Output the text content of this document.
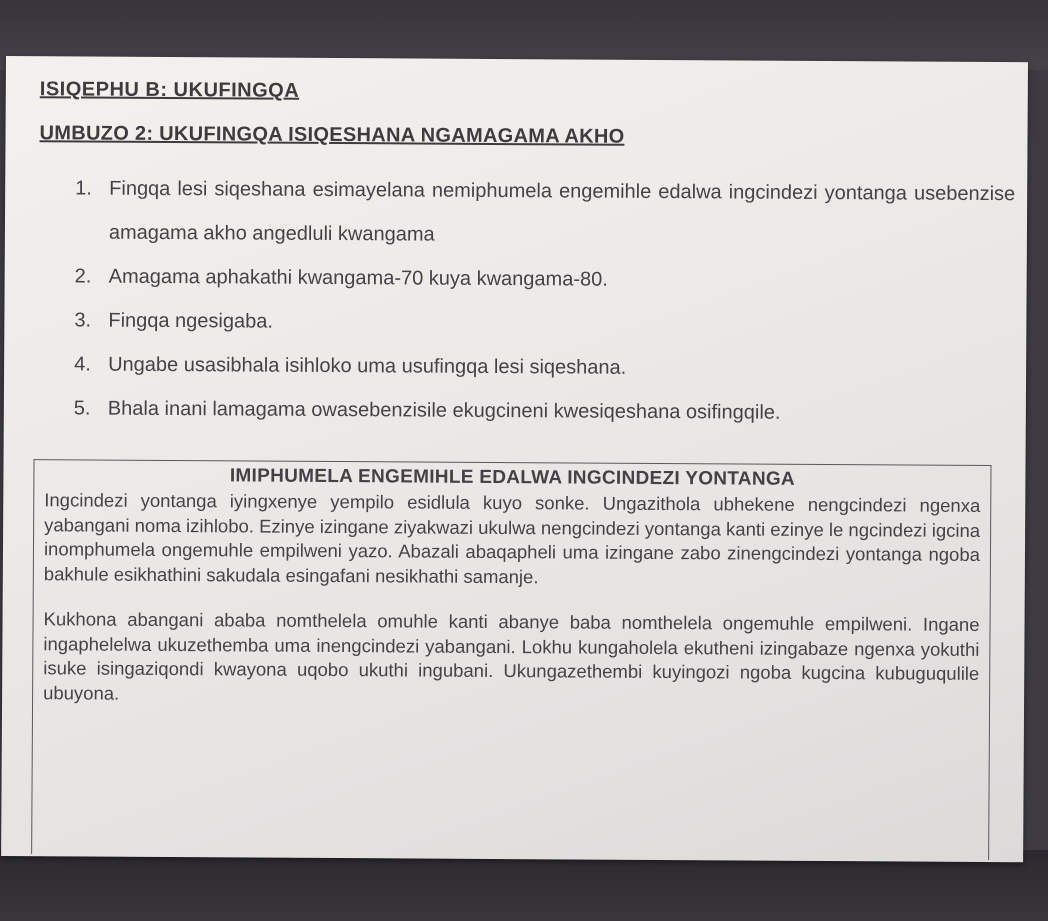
ISIQEPHU B: UKUFINGQA
UMBUZO 2: UKUFINGQA ISIQESHANA NGAMAGAMA AKHO
1. Fingqa lesi siqeshana esimayelana nemiphumela engemihle edalwa ingcindezi yontanga usebenzise amagama akho angedluli kwangama
2. Amagama aphakathi kwangama-70 kuya kwangama-80.
3. Fingqa ngesigaba.
4. Ungabe usasibhala isihloko uma usufingqa lesi siqeshana.
5. Bhala inani lamagama owasebenzisile ekugcineni kwesiqeshana osifingqile.
IMIPHUMELA ENGEMIHLE EDALWA INGCINDEZI YONTANGA

Ingcindezi yontanga iyingxenye yempilo esidlula kuyo sonke. Ungazithola ubhekene nengcindezi ngenxa yabangani noma izihlobo. Ezinye izingane ziyakwazi ukulwa nengcindezi yontanga kanti ezinye le ngcindezi igcina inomphumela ongemuhle empilweni yazo. Abazali abaqapheli uma izingane zabo zinengcindezi yontanga ngoba bakhule esikhathini sakudala esingafani nesikhathi samanje.

Kukhona abangani ababa nomthelela omuhle kanti abanye baba nomthelela ongemuhle empilweni. Ingane ingaphelelwa ukuzethemba uma inengcindezi yabangani. Lokhu kungaholela ekutheni izingabaze ngenxa yokuthi isuke isingaziqondi kwayona uqobo ukuthi ingubani. Ukungazethembi kuyingozi ngoba kugcina kubuguqulile ubuyona.
